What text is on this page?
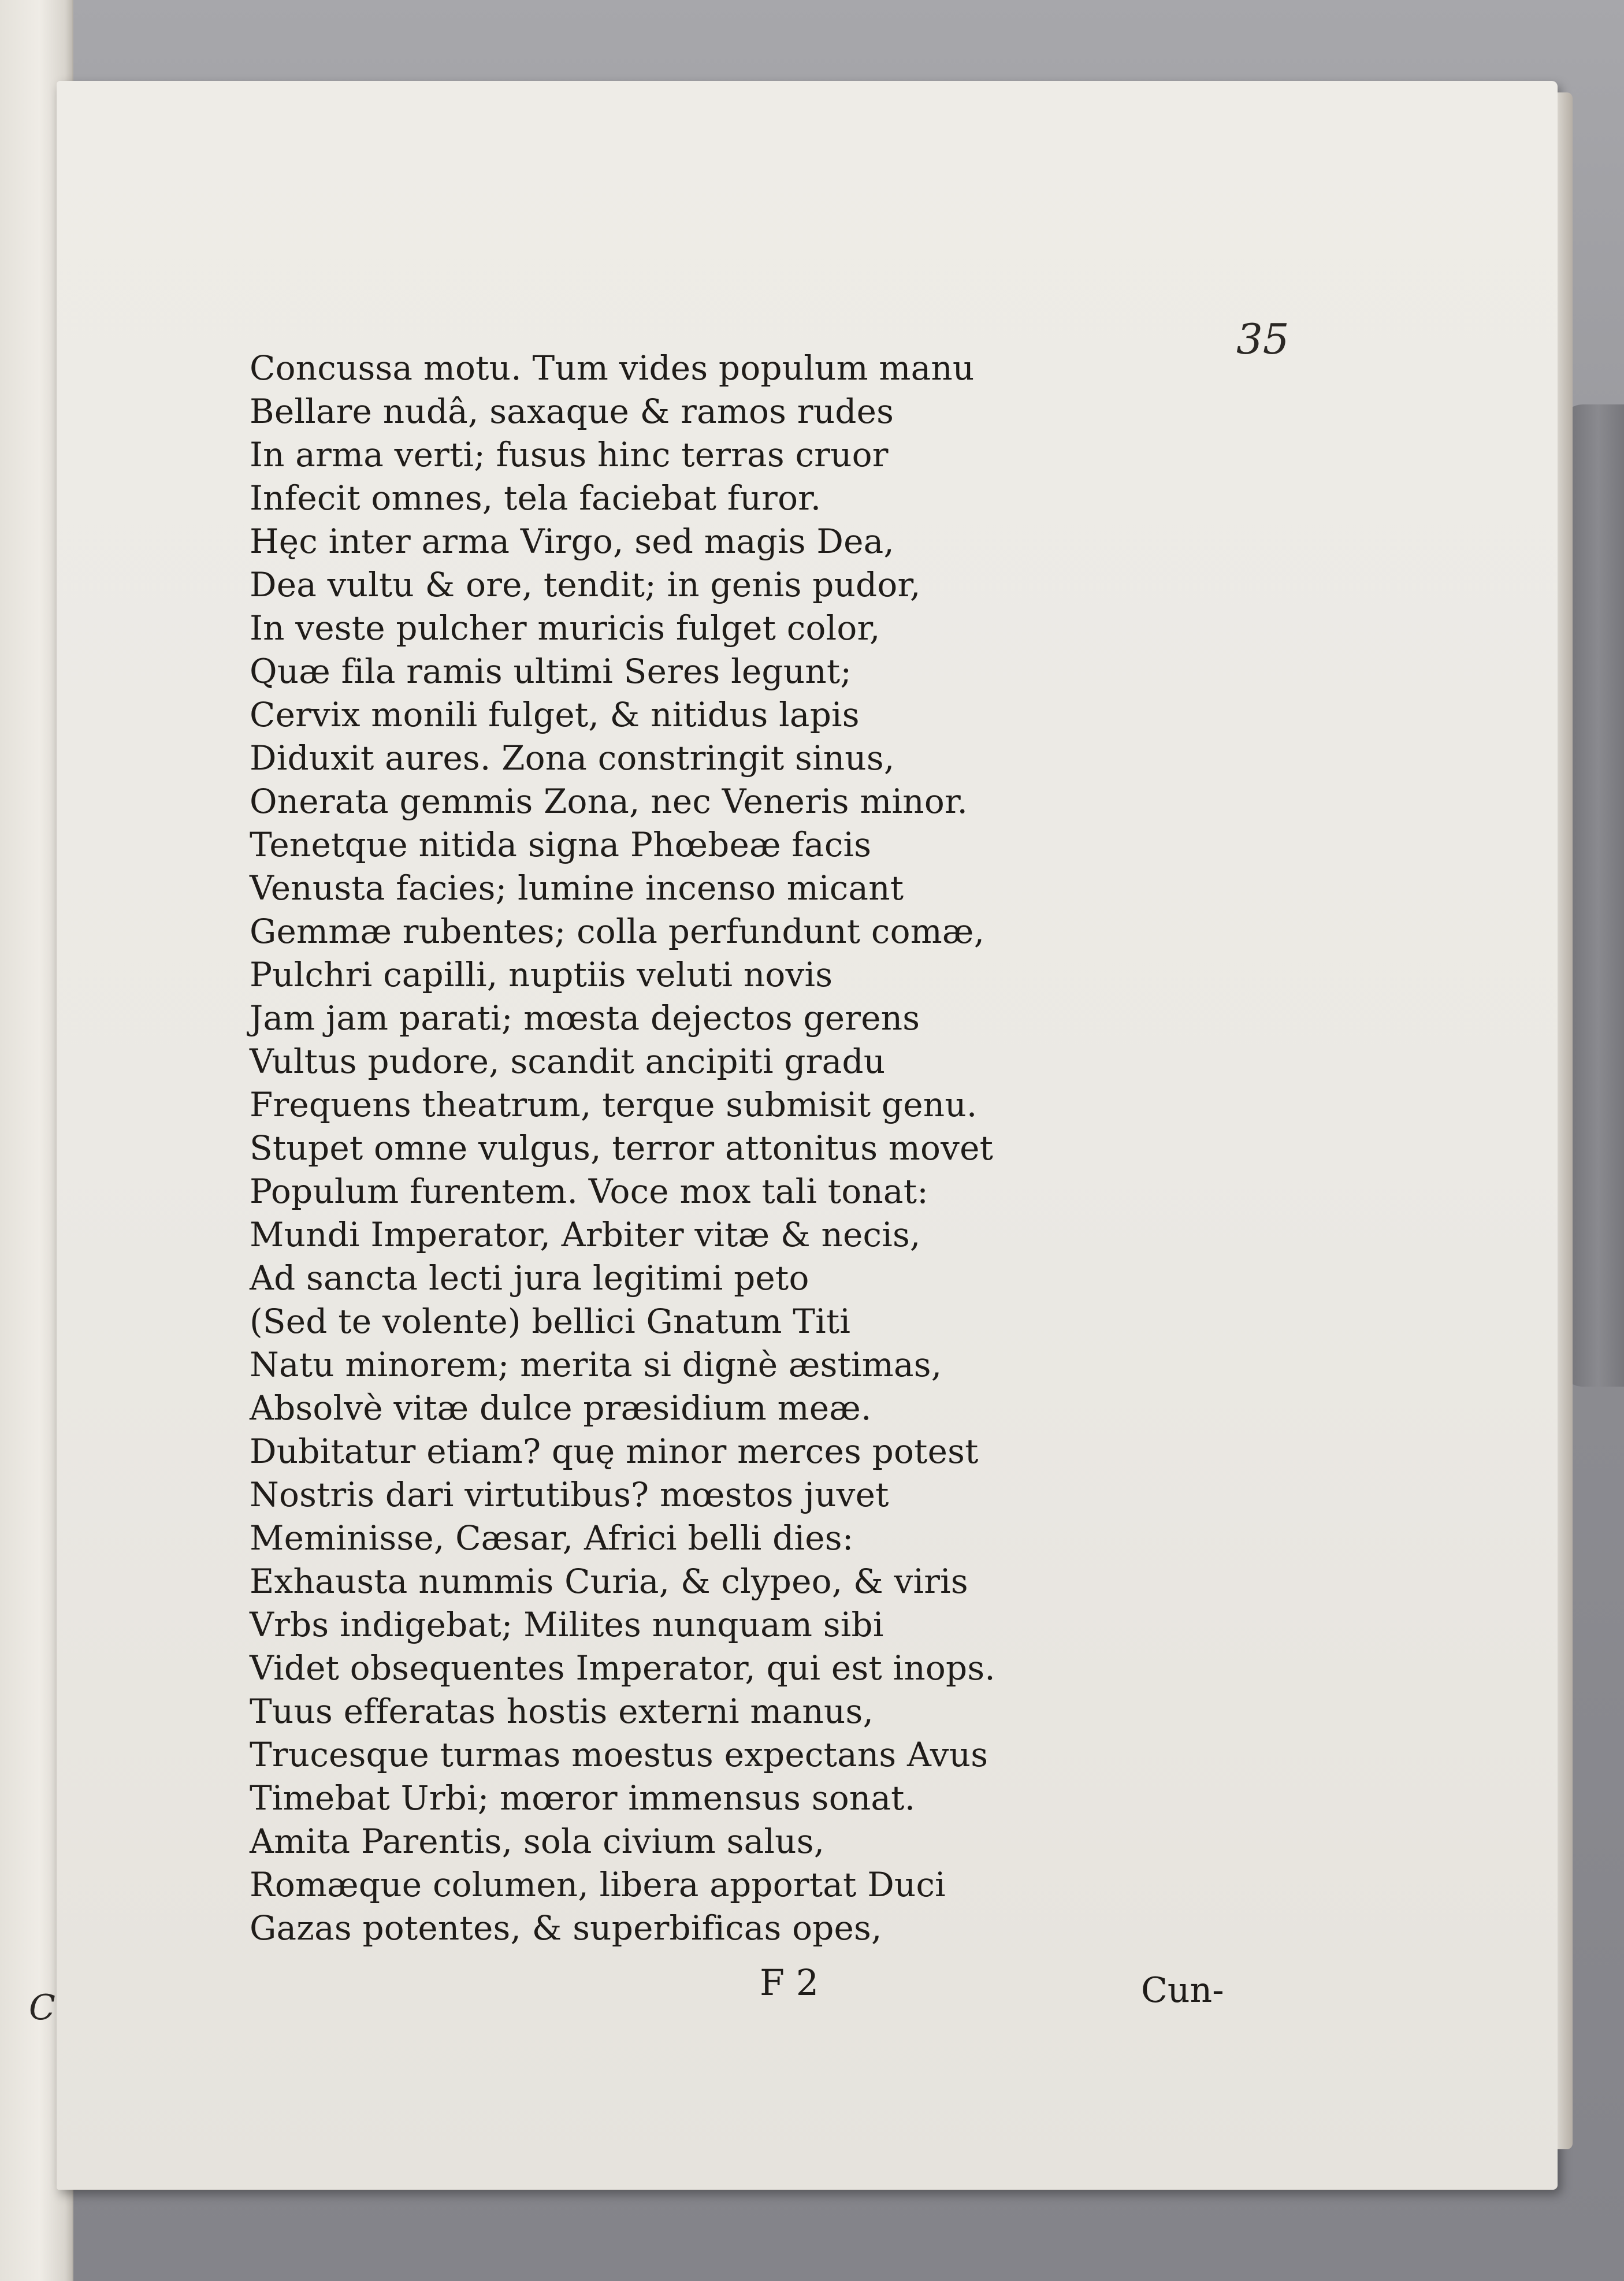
C
35
Concussa motu. Tum vides populum manu
Bellare nudâ, saxaque & ramos rudes
In arma verti; fusus hinc terras cruor
Infecit omnes, tela faciebat furor.
Hęc inter arma Virgo, sed magis Dea,
Dea vultu & ore, tendit; in genis pudor,
In veste pulcher muricis fulget color,
Quæ fila ramis ultimi Seres legunt;
Cervix monili fulget, & nitidus lapis
Diduxit aures. Zona constringit sinus,
Onerata gemmis Zona, nec Veneris minor.
Tenetque nitida signa Phœbeæ facis
Venusta facies; lumine incenso micant
Gemmæ rubentes; colla perfundunt comæ,
Pulchri capilli, nuptiis veluti novis
Jam jam parati; mœsta dejectos gerens
Vultus pudore, scandit ancipiti gradu
Frequens theatrum, terque submisit genu.
Stupet omne vulgus, terror attonitus movet
Populum furentem. Voce mox tali tonat:
Mundi Imperator, Arbiter vitæ & necis,
Ad sancta lecti jura legitimi peto
(Sed te volente) bellici Gnatum Titi
Natu minorem; merita si dignè æstimas,
Absolvè vitæ dulce præsidium meæ.
Dubitatur etiam? quę minor merces potest
Nostris dari virtutibus? mœstos juvet
Meminisse, Cæsar, Africi belli dies:
Exhausta nummis Curia, & clypeo, & viris
Vrbs indigebat; Milites nunquam sibi
Videt obsequentes Imperator, qui est inops.
Tuus efferatas hostis externi manus,
Trucesque turmas moestus expectans Avus
Timebat Urbi; mœror immensus sonat.
Amita Parentis, sola civium salus,
Romæque columen, libera apportat Duci
Gazas potentes, & superbificas opes,
F 2	Cun-
